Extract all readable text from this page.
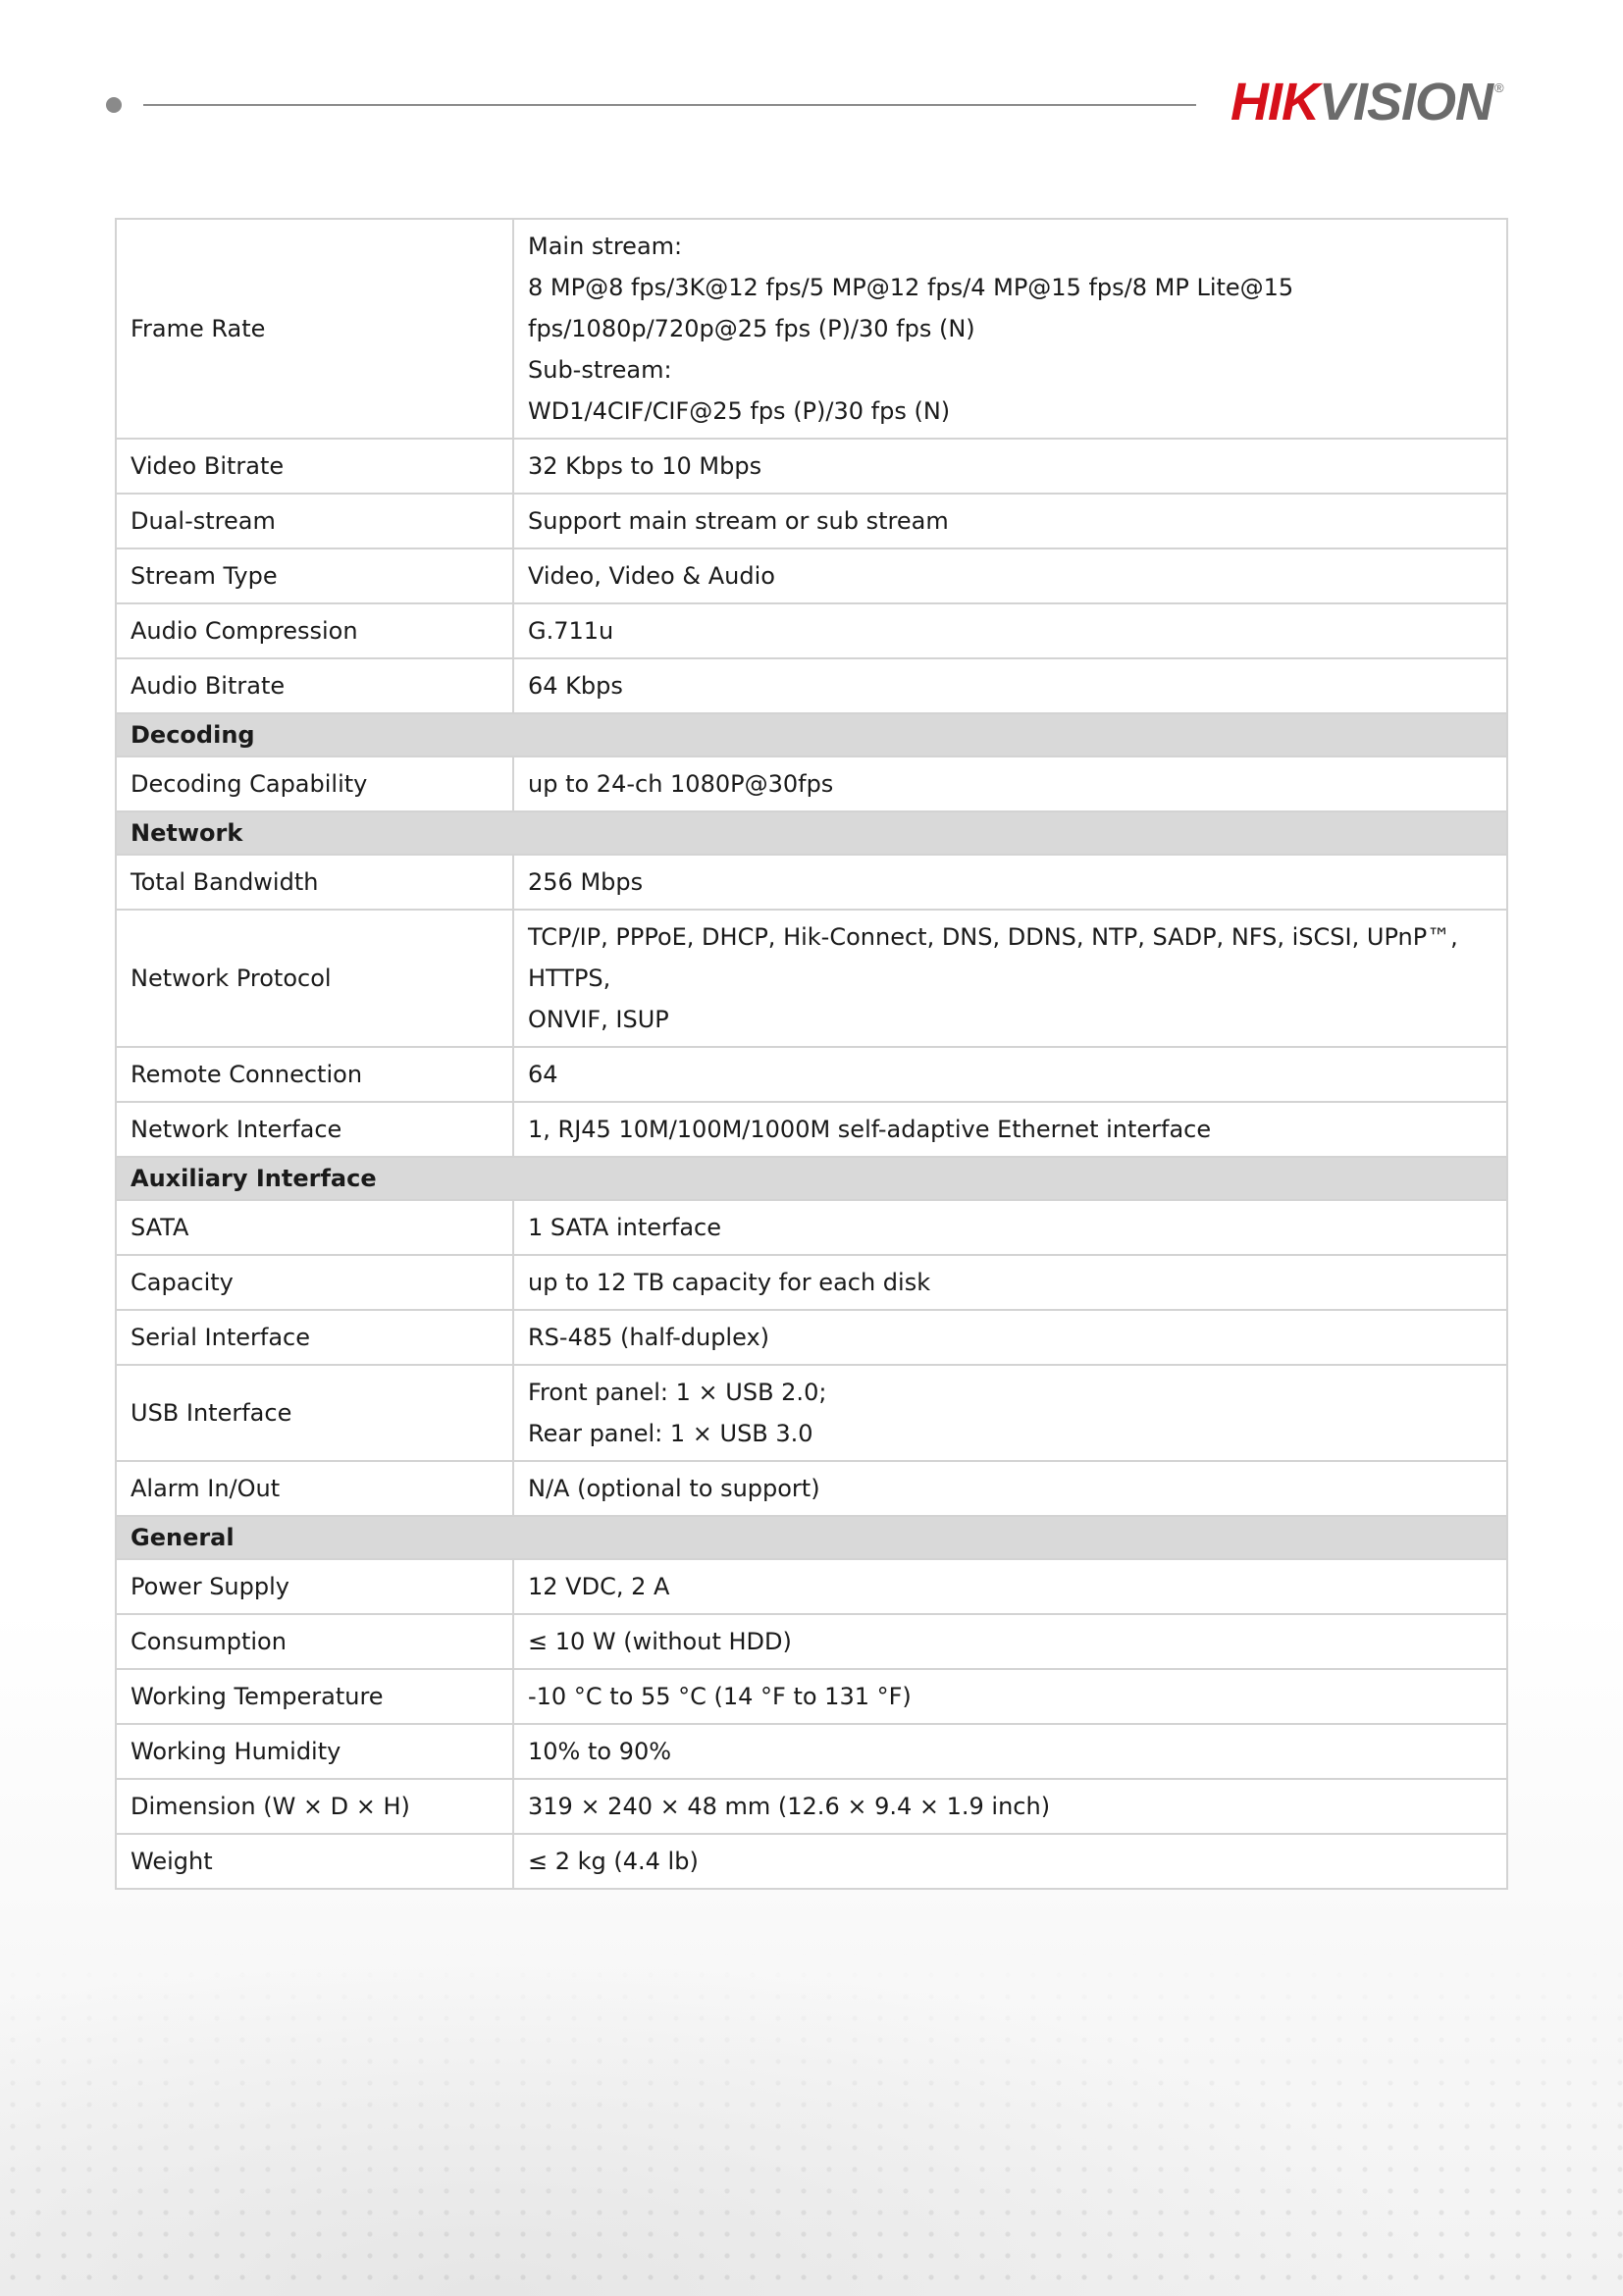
HIK VISION ®
Frame Rate	Main stream:
8 MP@8 fps/3K@12 fps/5 MP@12 fps/4 MP@15 fps/8 MP Lite@15
fps/1080p/720p@25 fps (P)/30 fps (N)
Sub-stream:
WD1/4CIF/CIF@25 fps (P)/30 fps (N)

Video Bitrate	32 Kbps to 10 Mbps

Dual-stream	Support main stream or sub stream

Stream Type	Video, Video & Audio

Audio Compression	G.711u

Audio Bitrate	64 Kbps

Decoding	
Decoding Capability	up to 24-ch 1080P@30fps

Network	
Total Bandwidth	256 Mbps

Network Protocol	TCP/IP, PPPoE, DHCP, Hik-Connect, DNS, DDNS, NTP, SADP, NFS, iSCSI, UPnP™, HTTPS,
ONVIF, ISUP

Remote Connection	64

Network Interface	1, RJ45 10M/100M/1000M self-adaptive Ethernet interface

Auxiliary Interface	
SATA	1 SATA interface

Capacity	up to 12 TB capacity for each disk

Serial Interface	RS-485 (half-duplex)

USB Interface	Front panel: 1 × USB 2.0;
Rear panel: 1 × USB 3.0

Alarm In/Out	N/A (optional to support)

General	
Power Supply	12 VDC, 2 A

Consumption	≤ 10 W (without HDD)

Working Temperature	-10 °C to 55 °C (14 °F to 131 °F)

Working Humidity	10% to 90%

Dimension (W × D × H)	319 × 240 × 48 mm (12.6 × 9.4 × 1.9 inch)

Weight	≤ 2 kg (4.4 lb)
